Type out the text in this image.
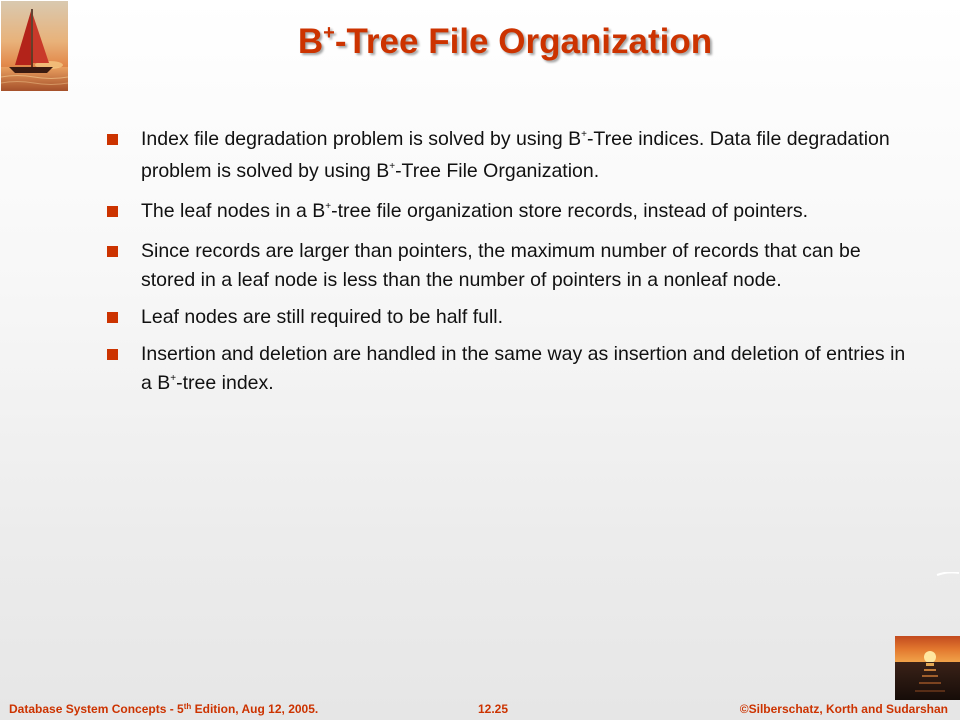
B+-Tree File Organization
Index file degradation problem is solved by using B+-Tree indices. Data file degradation problem is solved by using B+-Tree File Organization.
The leaf nodes in a B+-tree file organization store records, instead of pointers.
Since records are larger than pointers, the maximum number of records that can be stored in a leaf node is less than the number of pointers in a nonleaf node.
Leaf nodes are still required to be half full.
Insertion and deletion are handled in the same way as insertion and deletion of entries in a B+-tree index.
Database System Concepts - 5th Edition, Aug 12, 2005.	12.25	©Silberschatz, Korth and Sudarshan
